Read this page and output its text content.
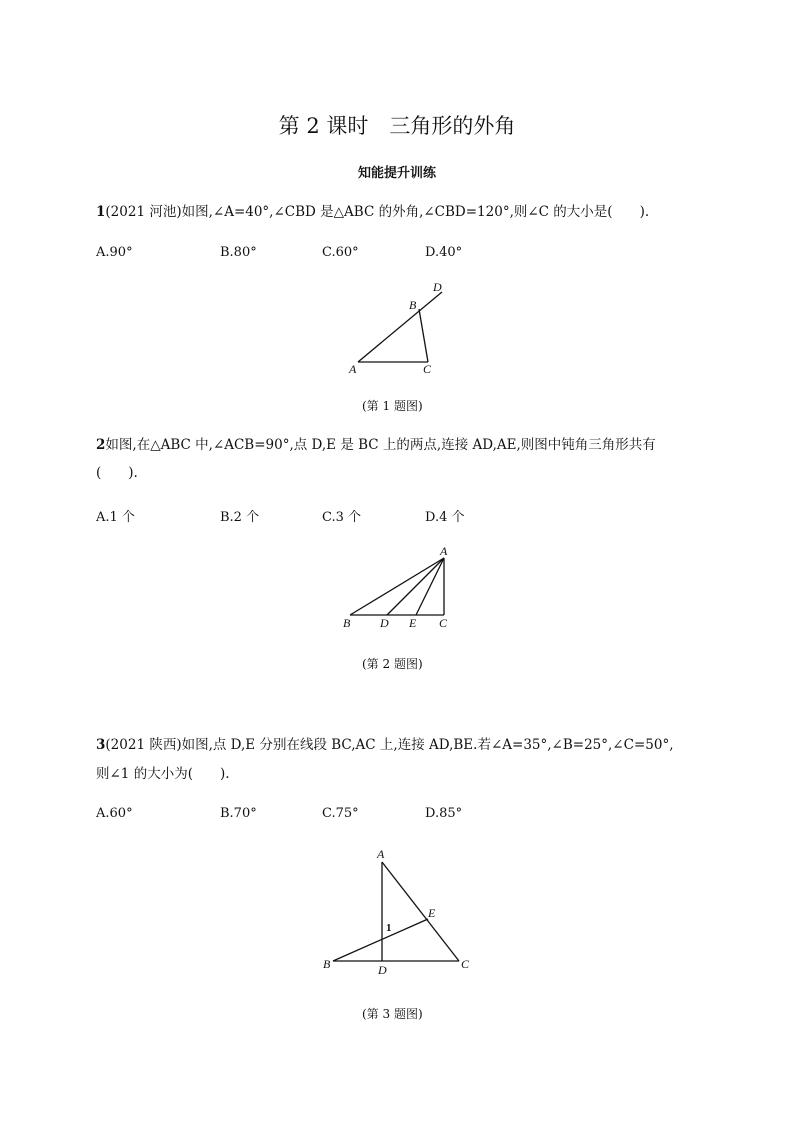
第 2 课时　三角形的外角
知能提升训练
1(2021 河池)如图,∠A=40°,∠CBD 是△ABC 的外角,∠CBD=120°,则∠C 的大小是(　　).
A.90°	B.80°	C.60°	D.40°
A
B
C
D
(第 1 题图)
2如图,在△ABC 中,∠ACB=90°,点 D,E 是 BC 上的两点,连接 AD,AE,则图中钝角三角形共有
(　　).
A.1 个	B.2 个	C.3 个	D.4 个
A
B D E C
(第 2 题图)
3(2021 陕西)如图,点 D,E 分别在线段 BC,AC 上,连接 AD,BE.若∠A=35°,∠B=25°,∠C=50°,
则∠1 的大小为(　　).
A.60°	B.70°	C.75°	D.85°
A
E
1
B	D	C
(第 3 题图)
